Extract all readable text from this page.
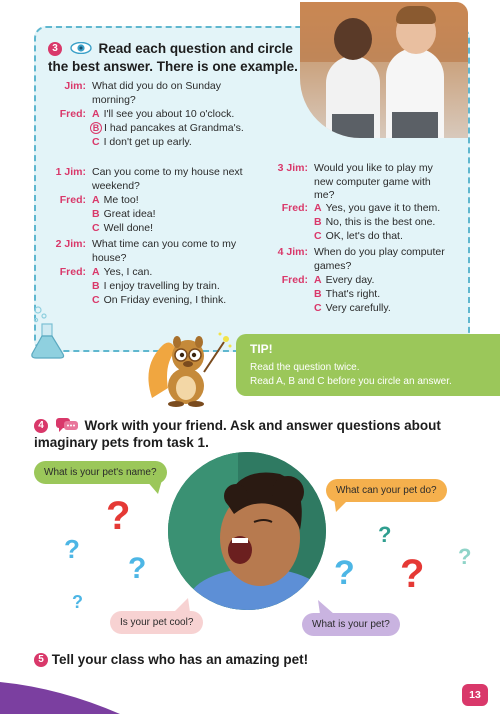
3	Read each question and circle the best answer. There is one example.
Jim: What did you do on Sunday morning?
Fred: A I'll see you about 10 o'clock.
B I had pancakes at Grandma's.
C I don't get up early.
1 Jim: Can you come to my house next weekend?
Fred: A Me too!
B Great idea!
C Well done!
2 Jim: What time can you come to my house?
Fred: A Yes, I can.
B I enjoy travelling by train.
C On Friday evening, I think.
3 Jim: Would you like to play my new computer game with me?
Fred: A Yes, you gave it to them.
B No, this is the best one.
C OK, let's do that.
4 Jim: When do you play computer games?
Fred: A Every day.
B That's right.
C Very carefully.
TIP!
Read the question twice.
Read A, B and C before you circle an answer.
4	Work with your friend. Ask and answer questions about imaginary pets from task 1.
What is your pet's name?
What can your pet do?
Is your pet cool?	What is your pet?
?
?
?
?
?
? ? ?
5 Tell your class who has an amazing pet!
13
